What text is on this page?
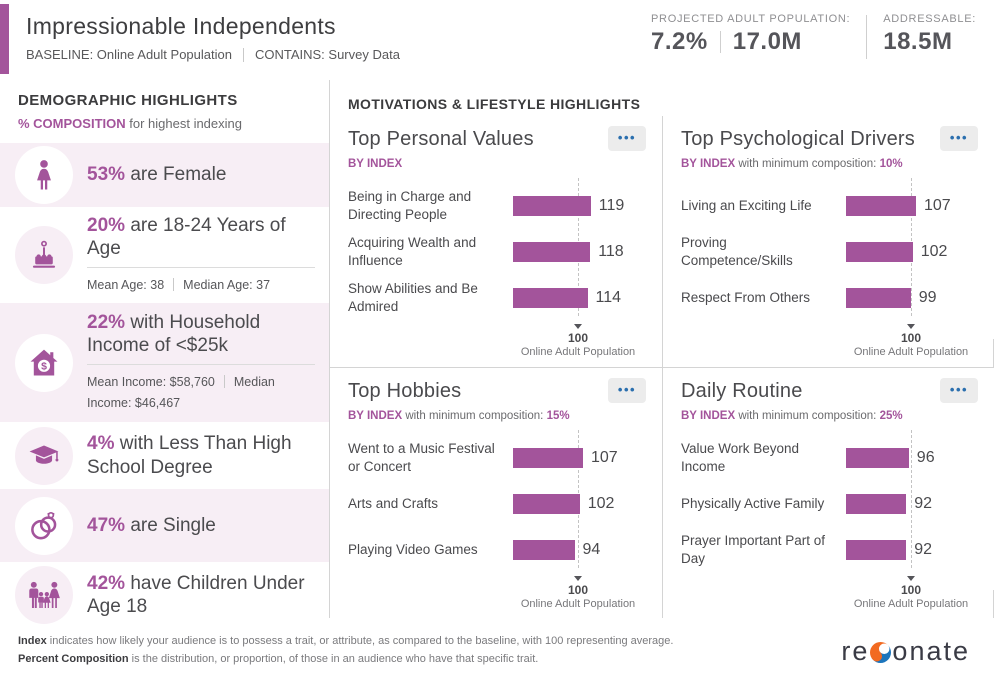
Impressionable Independents
BASELINE: Online Adult Population CONTAINS: Survey Data
PROJECTED ADULT POPULATION:
7.2% 17.0M
ADDRESSABLE:
18.5M
DEMOGRAPHIC HIGHLIGHTS
% COMPOSITION for highest indexing
53% are Female
20% are 18-24 Years of Age
Mean Age: 38 Median Age: 37
$
22% with Household Income of <$25k
Mean Income: $58,760 Median Income: $46,467
4% with Less Than High School Degree
47% are Single
42% have Children Under Age 18
MOTIVATIONS & LIFESTYLE HIGHLIGHTS
Top Personal Values	•••
BY INDEX
Being in Charge and Directing People
119
Acquiring Wealth and Influence
118
Show Abilities and Be Admired
114
100
Online Adult Population
Top Psychological Drivers	•••
BY INDEX with minimum composition: 10%
Living an Exciting Life	107
Proving Competence/Skills
102
Respect From Others	99
100
Online Adult Population
Top Hobbies	•••
BY INDEX with minimum composition: 15%
Went to a Music Festival or Concert
107
Arts and Crafts	102
Playing Video Games	94
100
Online Adult Population
Daily Routine	•••
BY INDEX with minimum composition: 25%
Value Work Beyond Income
96
Physically Active Family	92
Prayer Important Part of Day
92
100
Online Adult Population
Index indicates how likely your audience is to possess a trait, or attribute, as compared to the baseline, with 100 representing average.
Percent Composition is the distribution, or proportion, of those in an audience who have that specific trait.	re onate
